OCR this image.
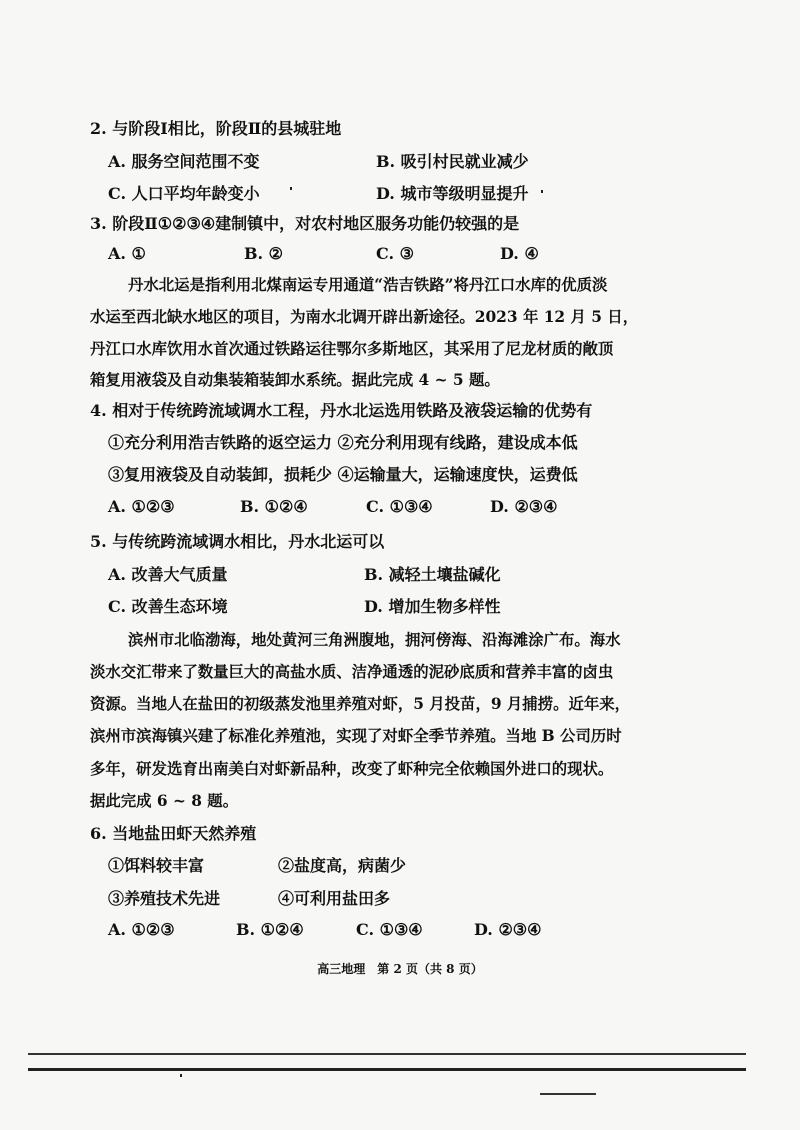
2. 与阶段Ⅰ相比，阶段Ⅱ的县城驻地
A. 服务空间范围不变	B. 吸引村民就业减少
C. 人口平均年龄变小	D. 城市等级明显提升
3. 阶段Ⅱ①②③④建制镇中，对农村地区服务功能仍较强的是
A. ①	B. ②	C. ③	D. ④
丹水北运是指利用北煤南运专用通道“浩吉铁路”将丹江口水库的优质淡
水运至西北缺水地区的项目，为南水北调开辟出新途径。2023 年 12 月 5 日，
丹江口水库饮用水首次通过铁路运往鄂尔多斯地区，其采用了尼龙材质的敞顶
箱复用液袋及自动集装箱装卸水系统。据此完成 4 ~ 5 题。
4. 相对于传统跨流域调水工程，丹水北运选用铁路及液袋运输的优势有
①充分利用浩吉铁路的返空运力 ②充分利用现有线路，建设成本低
③复用液袋及自动装卸，损耗少 ④运输量大，运输速度快，运费低
A. ①②③	B. ①②④	C. ①③④	D. ②③④
5. 与传统跨流域调水相比，丹水北运可以
A. 改善大气质量	B. 减轻土壤盐碱化
C. 改善生态环境	D. 增加生物多样性
滨州市北临渤海，地处黄河三角洲腹地，拥河傍海、沿海滩涂广布。海水
淡水交汇带来了数量巨大的高盐水质、洁净通透的泥砂底质和营养丰富的卤虫
资源。当地人在盐田的初级蒸发池里养殖对虾，5 月投苗，9 月捕捞。近年来，
滨州市滨海镇兴建了标准化养殖池，实现了对虾全季节养殖。当地 B 公司历时
多年，研发选育出南美白对虾新品种，改变了虾种完全依赖国外进口的现状。
据此完成 6 ~ 8 题。
6. 当地盐田虾天然养殖
①饵料较丰富	②盐度高，病菌少
③养殖技术先进	④可利用盐田多
A. ①②③	B. ①②④	C. ①③④	D. ②③④
高三地理　第 2 页（共 8 页）
